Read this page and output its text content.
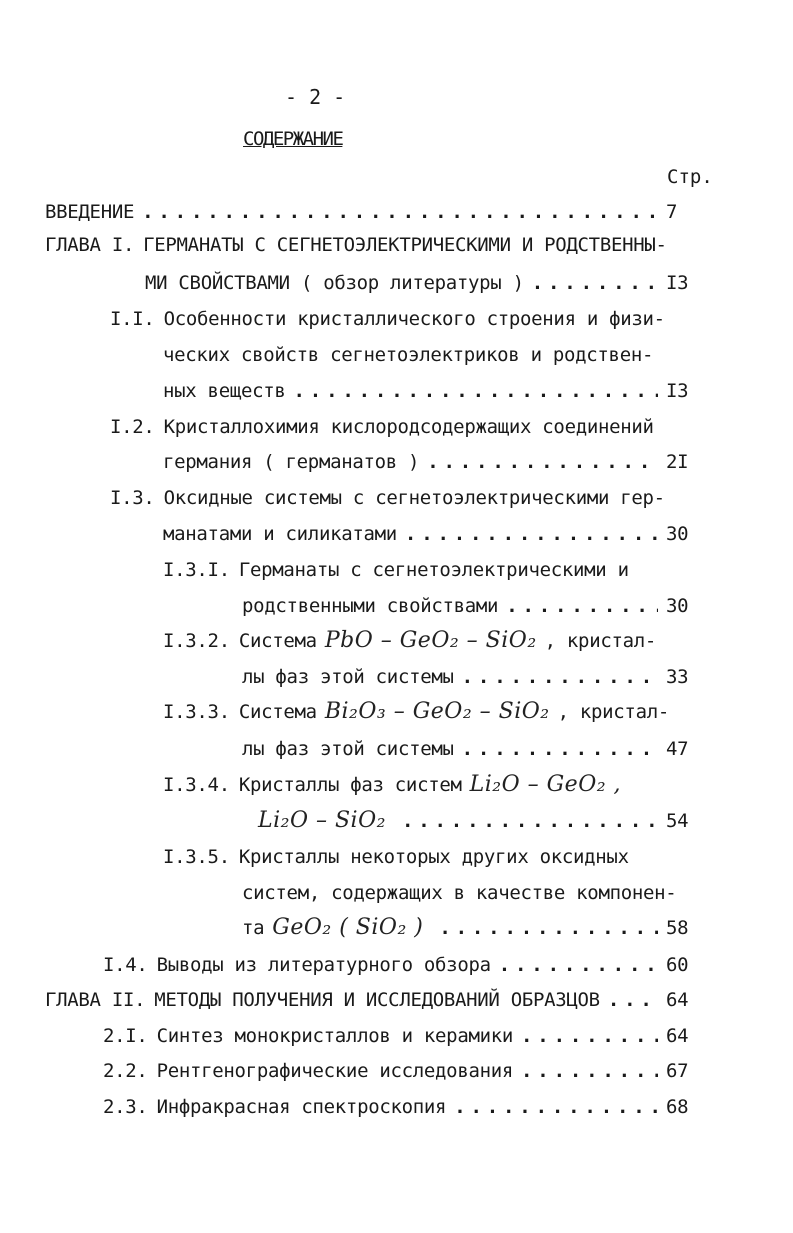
- 2 -
СОДЕРЖАНИЕ
Стр.
ВВЕДЕНИЕ . . .	7
ГЛАВА I. ГЕРМАНАТЫ С СЕГНЕТОЭЛЕКТРИЧЕСКИМИ И РОДСТВЕННЫ-
МИ СВОЙСТВАМИ ( обзор литературы ) . . .	I3
I.I. Особенности кристаллического строения и физи-
ческих свойств сегнетоэлектриков и родствен-
ных веществ . . .	I3
I.2. Кристаллохимия кислородсодержащих соединений
германия ( германатов ) . . .	2I
I.3. Оксидные системы с сегнетоэлектрическими гер-
манатами и силикатами . . .	30
I.3.I. Германаты с сегнетоэлектрическими и
родственными свойствами . . .	30
I.3.2. Система PbO – GeO₂ – SiO₂ , кристал-
лы фаз этой системы . . .	33
I.3.3. Система Bi₂O₃ – GeO₂ – SiO₂ , кристал-
лы фаз этой системы . . .	47
I.3.4. Кристаллы фаз систем Li₂O – GeO₂ ,
Li₂O – SiO₂ . . .	54
I.3.5. Кристаллы некоторых других оксидных
систем, содержащих в качестве компонен-
та GeO₂ ( SiO₂ ) . . .	58
I.4. Выводы из литературного обзора . . .	60
ГЛАВА II. МЕТОДЫ ПОЛУЧЕНИЯ И ИССЛЕДОВАНИЙ ОБРАЗЦОВ . . .	64
2.I. Синтез монокристаллов и керамики . . .	64
2.2. Рентгенографические исследования . . .	67
2.3. Инфракрасная спектроскопия . . .	68
